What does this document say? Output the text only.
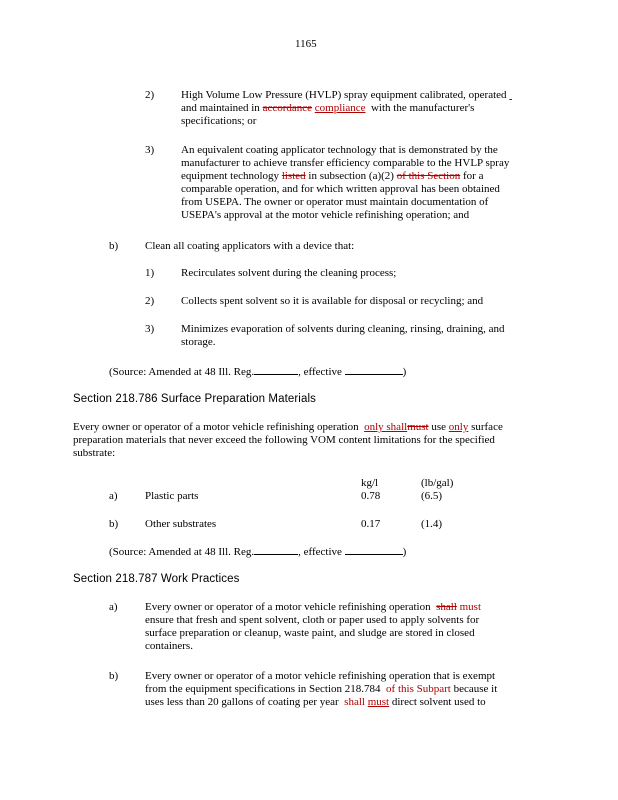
1165
2) High Volume Low Pressure (HVLP) spray equipment calibrated, operated
and maintained in accordance compliance with the manufacturer's
specifications; or
3) An equivalent coating applicator technology that is demonstrated by the
manufacturer to achieve transfer efficiency comparable to the HVLP spray
equipment technology listed in subsection (a)(2) of this Section for a
comparable operation, and for which written approval has been obtained
from USEPA. The owner or operator must maintain documentation of
USEPA's approval at the motor vehicle refinishing operation; and
b) Clean all coating applicators with a device that:
1) Recirculates solvent during the cleaning process;
2) Collects spent solvent so it is available for disposal or recycling; and
3) Minimizes evaporation of solvents during cleaning, rinsing, draining, and
storage.
(Source: Amended at 48 Ill. Reg.	, effective	)
Section 218.786 Surface Preparation Materials
Every owner or operator of a motor vehicle refinishing operation only shallmust use only surface
preparation materials that never exceed the following VOM content limitations for the specified
substrate:
kg/l	(lb/gal)
a) Plastic parts	0.78	(6.5)
b) Other substrates	0.17	(1.4)
(Source: Amended at 48 Ill. Reg.	, effective	)
Section 218.787 Work Practices
a) Every owner or operator of a motor vehicle refinishing operation shall must
ensure that fresh and spent solvent, cloth or paper used to apply solvents for
surface preparation or cleanup, waste paint, and sludge are stored in closed
containers.
b) Every owner or operator of a motor vehicle refinishing operation that is exempt
from the equipment specifications in Section 218.784 of this Subpart because it
uses less than 20 gallons of coating per year shall must direct solvent used to
